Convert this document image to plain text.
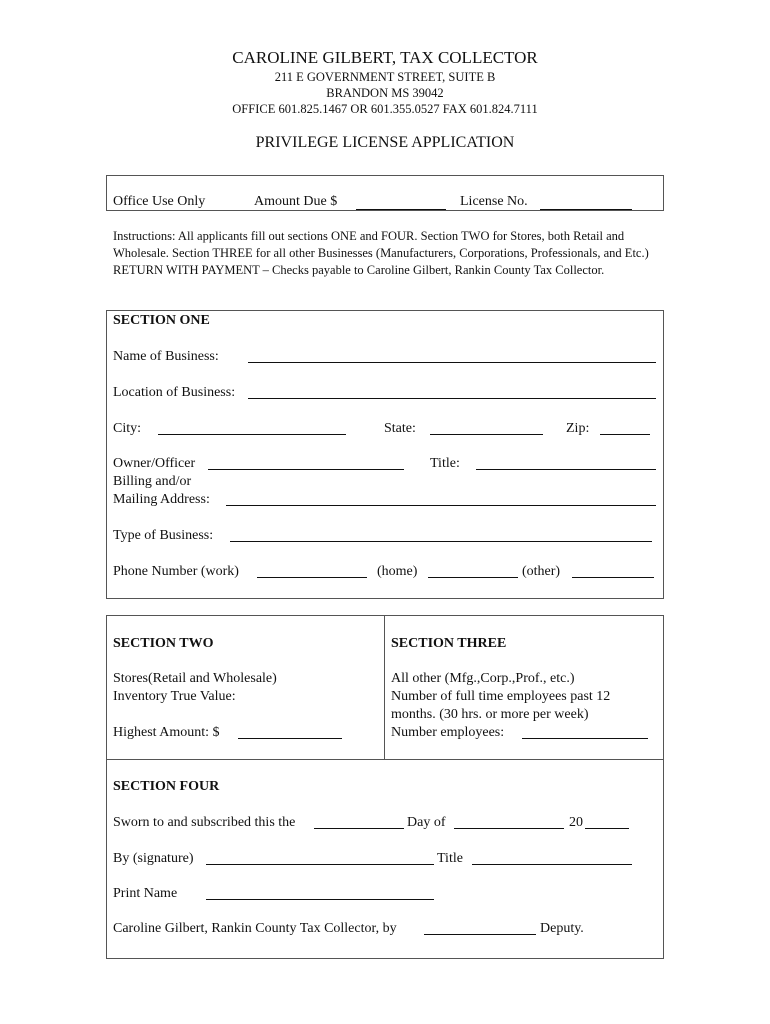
CAROLINE GILBERT, TAX COLLECTOR
211 E GOVERNMENT STREET, SUITE B
BRANDON MS 39042
OFFICE 601.825.1467 OR 601.355.0527 FAX 601.824.7111
PRIVILEGE LICENSE APPLICATION
Office Use Only	Amount Due $	License No.
Instructions: All applicants fill out sections ONE and FOUR. Section TWO for Stores, both Retail and Wholesale. Section THREE for all other Businesses (Manufacturers, Corporations, Professionals, and Etc.) RETURN WITH PAYMENT – Checks payable to Caroline Gilbert, Rankin County Tax Collector.
SECTION ONE
Name of Business:
Location of Business:
City:	State:	Zip:
Owner/Officer	Title:
Billing and/or
Mailing Address:
Type of Business:
Phone Number (work)	(home)	(other)
SECTION TWO
Stores(Retail and Wholesale)
Inventory True Value:
Highest Amount: $
SECTION THREE
All other (Mfg.,Corp.,Prof., etc.)
Number of full time employees past 12
months. (30 hrs. or more per week)
Number employees:
SECTION FOUR
Sworn to and subscribed this the	Day of	20
By (signature)	Title
Print Name
Caroline Gilbert, Rankin County Tax Collector, by	Deputy.
